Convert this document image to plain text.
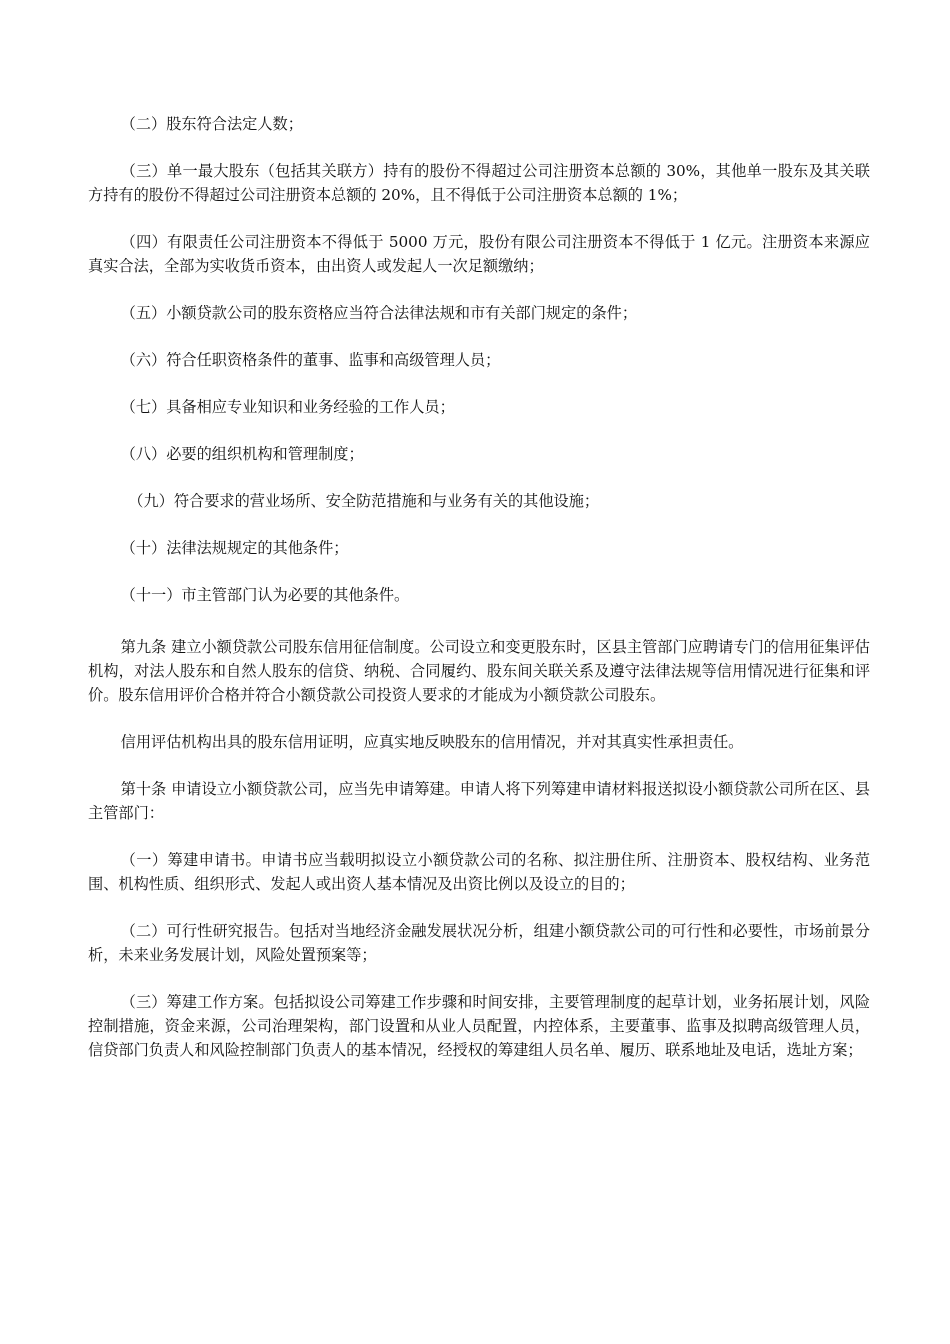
（二）股东符合法定人数；

（三）单一最大股东（包括其关联方）持有的股份不得超过公司注册资本总额的 30%，其他单一股东及其关联方持有的股份不得超过公司注册资本总额的 20%，且不得低于公司注册资本总额的 1%；

（四）有限责任公司注册资本不得低于 5000 万元，股份有限公司注册资本不得低于 1 亿元。注册资本来源应真实合法，全部为实收货币资本，由出资人或发起人一次足额缴纳；

（五）小额贷款公司的股东资格应当符合法律法规和市有关部门规定的条件；

（六）符合任职资格条件的董事、监事和高级管理人员；

（七）具备相应专业知识和业务经验的工作人员；

（八）必要的组织机构和管理制度；

（九）符合要求的营业场所、安全防范措施和与业务有关的其他设施；

（十）法律法规规定的其他条件；

（十一）市主管部门认为必要的其他条件。

第九条 建立小额贷款公司股东信用征信制度。公司设立和变更股东时，区县主管部门应聘请专门的信用征集评估机构，对法人股东和自然人股东的信贷、纳税、合同履约、股东间关联关系及遵守法律法规等信用情况进行征集和评价。股东信用评价合格并符合小额贷款公司投资人要求的才能成为小额贷款公司股东。

信用评估机构出具的股东信用证明，应真实地反映股东的信用情况，并对其真实性承担责任。

第十条 申请设立小额贷款公司，应当先申请筹建。申请人将下列筹建申请材料报送拟设小额贷款公司所在区、县主管部门：

（一）筹建申请书。申请书应当载明拟设立小额贷款公司的名称、拟注册住所、注册资本、股权结构、业务范围、机构性质、组织形式、发起人或出资人基本情况及出资比例以及设立的目的；

（二）可行性研究报告。包括对当地经济金融发展状况分析，组建小额贷款公司的可行性和必要性，市场前景分析，未来业务发展计划，风险处置预案等；

（三）筹建工作方案。包括拟设公司筹建工作步骤和时间安排，主要管理制度的起草计划，业务拓展计划，风险控制措施，资金来源，公司治理架构，部门设置和从业人员配置，内控体系，主要董事、监事及拟聘高级管理人员，信贷部门负责人和风险控制部门负责人的基本情况，经授权的筹建组人员名单、履历、联系地址及电话，选址方案；
